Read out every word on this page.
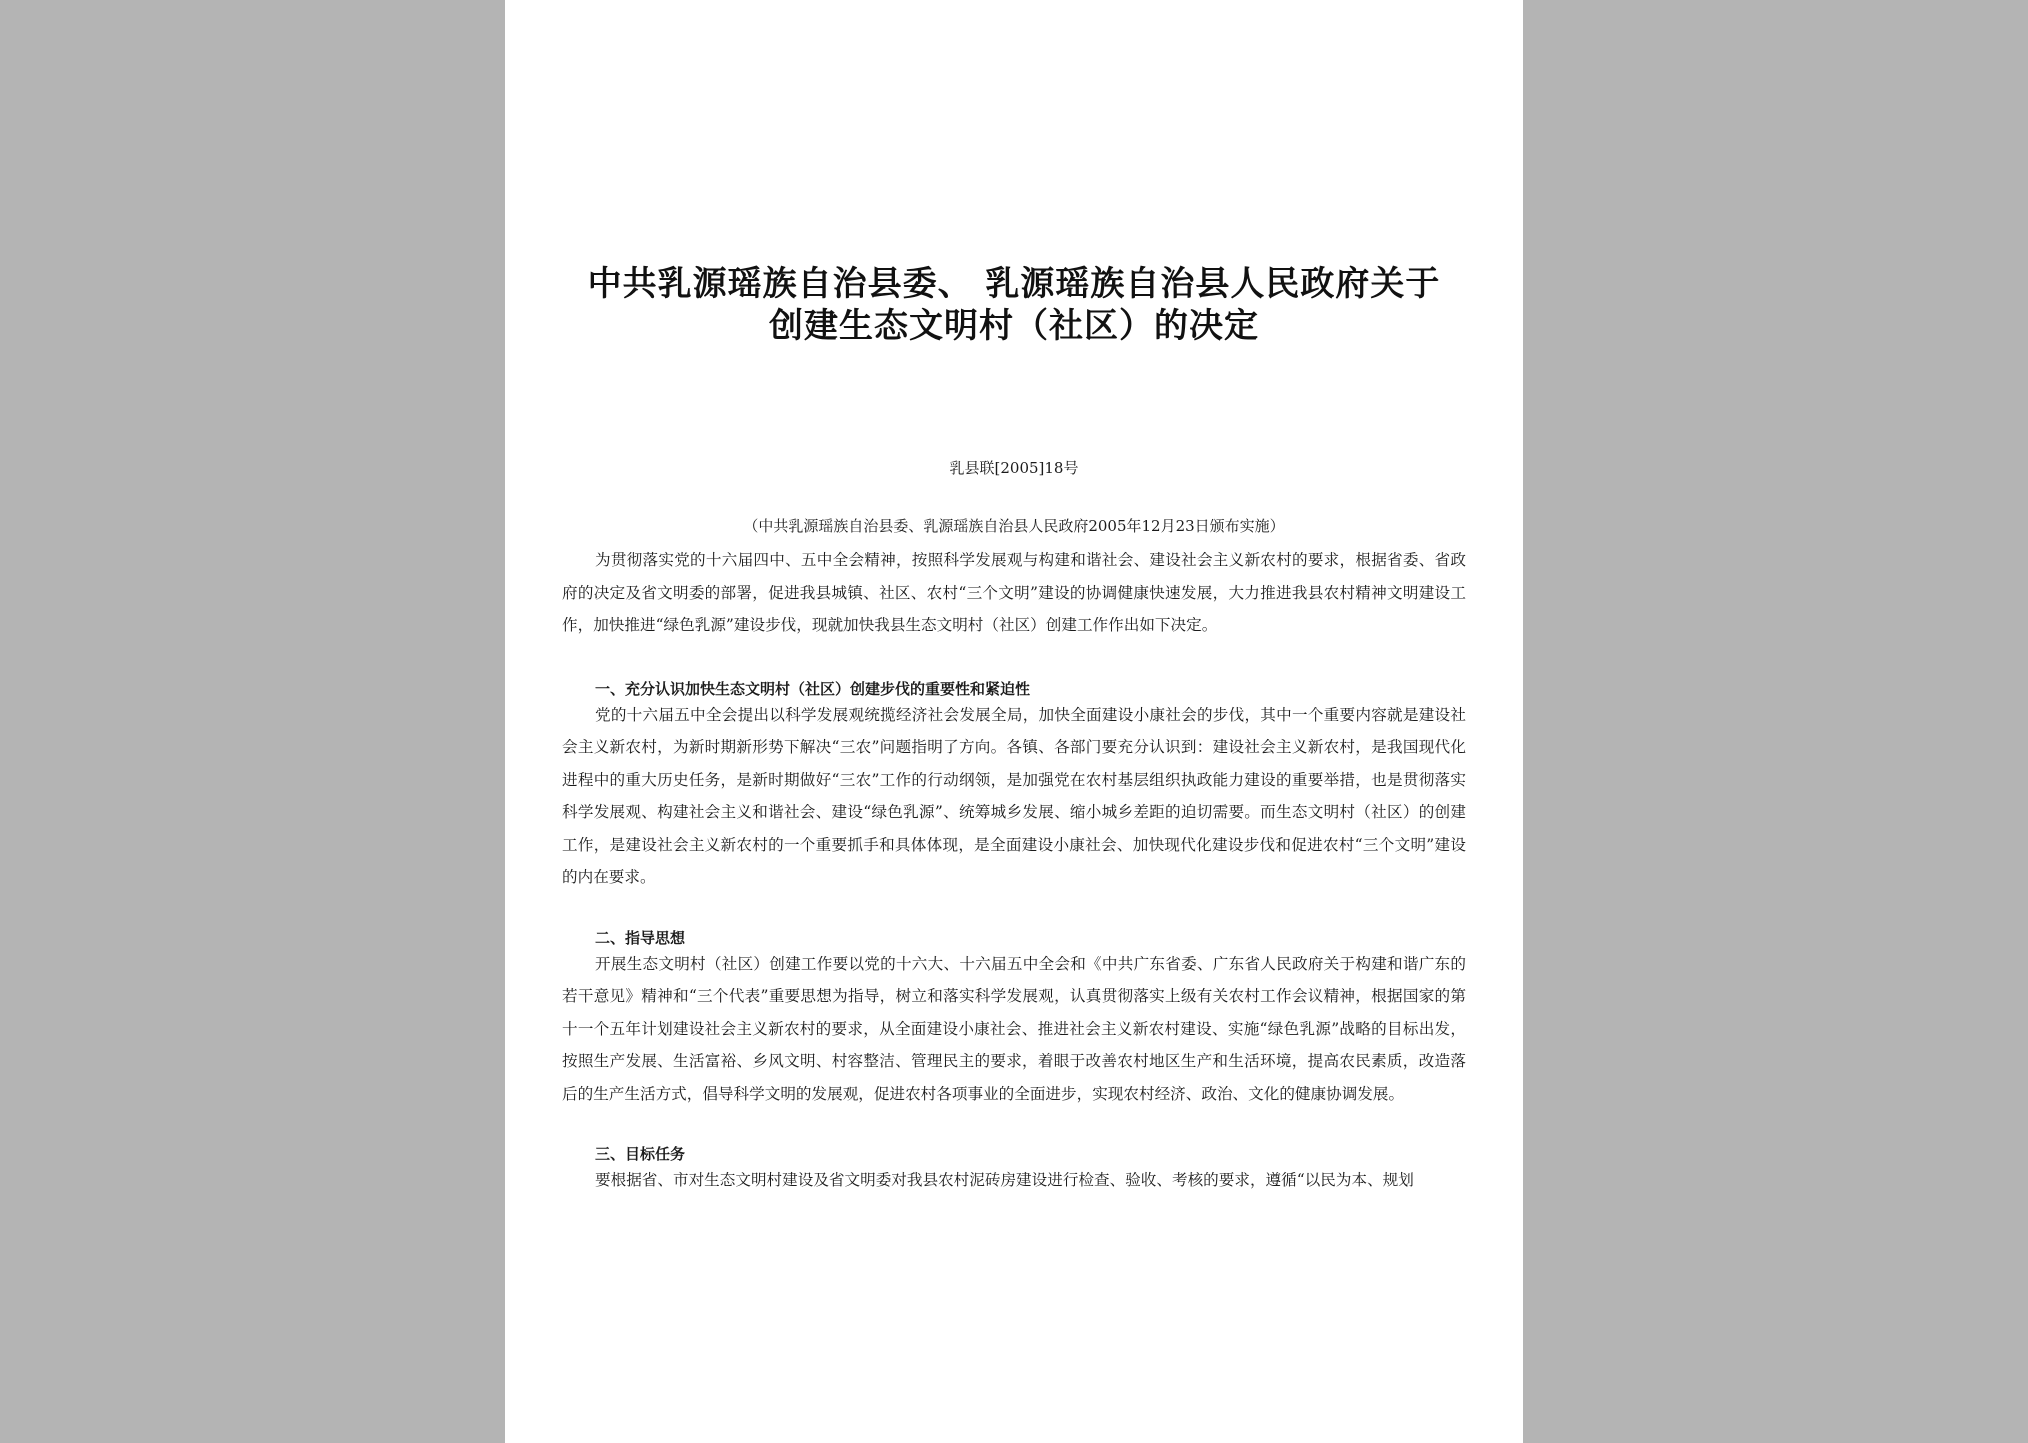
中共乳源瑶族自治县委、 乳源瑶族自治县人民政府关于
创建生态文明村（社区）的决定
乳县联[2005]18号
（中共乳源瑶族自治县委、乳源瑶族自治县人民政府2005年12月23日颁布实施）

为贯彻落实党的十六届四中、五中全会精神，按照科学发展观与构建和谐社会、建设社会主义新农村的要求，根据省委、省政府的决定及省文明委的部署，促进我县城镇、社区、农村“三个文明”建设的协调健康快速发展，大力推进我县农村精神文明建设工作，加快推进“绿色乳源”建设步伐，现就加快我县生态文明村（社区）创建工作作出如下决定。

一、充分认识加快生态文明村（社区）创建步伐的重要性和紧迫性

党的十六届五中全会提出以科学发展观统揽经济社会发展全局，加快全面建设小康社会的步伐，其中一个重要内容就是建设社会主义新农村，为新时期新形势下解决“三农”问题指明了方向。各镇、各部门要充分认识到：建设社会主义新农村，是我国现代化进程中的重大历史任务，是新时期做好“三农”工作的行动纲领，是加强党在农村基层组织执政能力建设的重要举措，也是贯彻落实科学发展观、构建社会主义和谐社会、建设“绿色乳源”、统筹城乡发展、缩小城乡差距的迫切需要。而生态文明村（社区）的创建工作，是建设社会主义新农村的一个重要抓手和具体体现，是全面建设小康社会、加快现代化建设步伐和促进农村“三个文明”建设的内在要求。

二、指导思想

开展生态文明村（社区）创建工作要以党的十六大、十六届五中全会和《中共广东省委、广东省人民政府关于构建和谐广东的若干意见》精神和“三个代表”重要思想为指导，树立和落实科学发展观，认真贯彻落实上级有关农村工作会议精神，根据国家的第十一个五年计划建设社会主义新农村的要求，从全面建设小康社会、推进社会主义新农村建设、实施“绿色乳源”战略的目标出发，按照生产发展、生活富裕、乡风文明、村容整洁、管理民主的要求，着眼于改善农村地区生产和生活环境，提高农民素质，改造落后的生产生活方式，倡导科学文明的发展观，促进农村各项事业的全面进步，实现农村经济、政治、文化的健康协调发展。

三、目标任务

要根据省、市对生态文明村建设及省文明委对我县农村泥砖房建设进行检查、验收、考核的要求，遵循“以民为本、规划
